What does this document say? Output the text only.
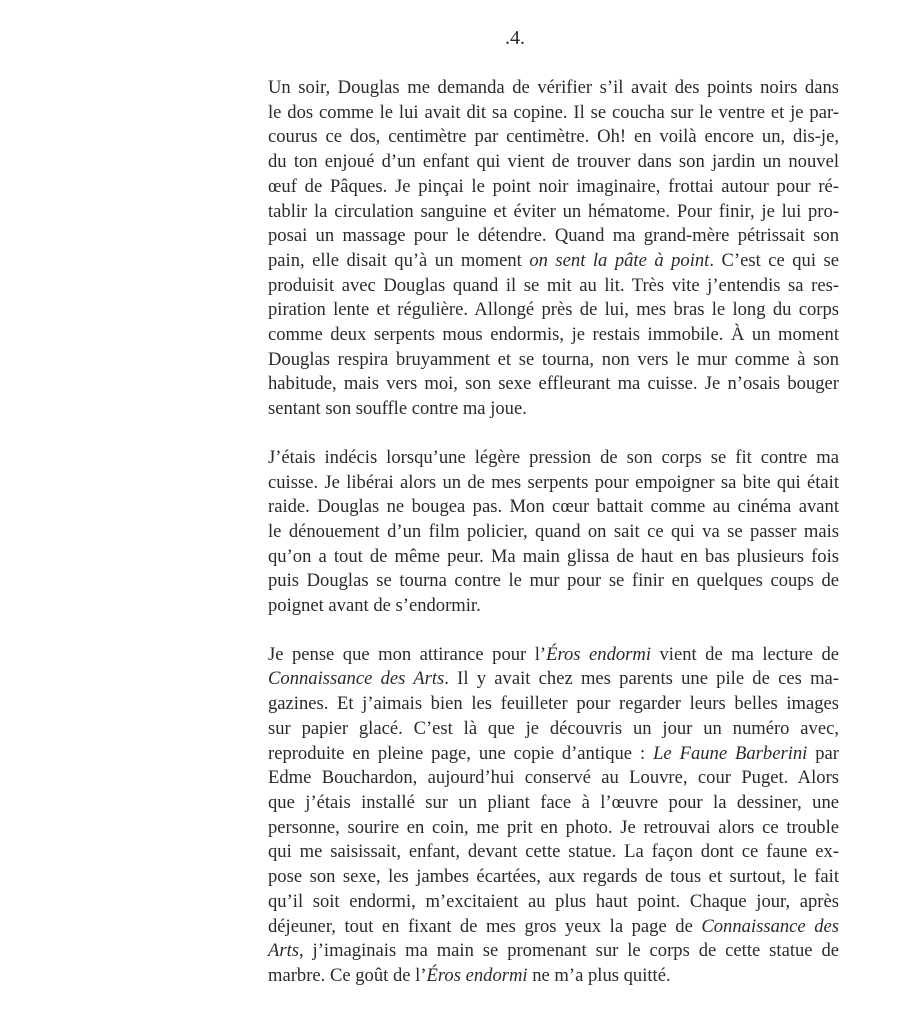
.4.

Un soir, Douglas me demanda de vérifier s’il avait des points noirs dans
le dos comme le lui avait dit sa copine. Il se coucha sur le ventre et je par-
courus ce dos, centimètre par centimètre. Oh! en voilà encore un, dis-je,
du ton enjoué d’un enfant qui vient de trouver dans son jardin un nouvel
œuf de Pâques. Je pinçai le point noir imaginaire, frottai autour pour ré-
tablir la circulation sanguine et éviter un hématome. Pour finir, je lui pro-
posai un massage pour le détendre. Quand ma grand-mère pétrissait son
pain, elle disait qu’à un moment on sent la pâte à point. C’est ce qui se
produisit avec Douglas quand il se mit au lit. Très vite j’entendis sa res-
piration lente et régulière. Allongé près de lui, mes bras le long du corps
comme deux serpents mous endormis, je restais immobile. À un moment
Douglas respira bruyamment et se tourna, non vers le mur comme à son
habitude, mais vers moi, son sexe effleurant ma cuisse. Je n’osais bouger
sentant son souffle contre ma joue.

J’étais indécis lorsqu’une légère pression de son corps se fit contre ma
cuisse. Je libérai alors un de mes serpents pour empoigner sa bite qui était
raide. Douglas ne bougea pas. Mon cœur battait comme au cinéma avant
le dénouement d’un film policier, quand on sait ce qui va se passer mais
qu’on a tout de même peur. Ma main glissa de haut en bas plusieurs fois
puis Douglas se tourna contre le mur pour se finir en quelques coups de
poignet avant de s’endormir.

Je pense que mon attirance pour l’Éros endormi vient de ma lecture de
Connaissance des Arts. Il y avait chez mes parents une pile de ces ma-
gazines. Et j’aimais bien les feuilleter pour regarder leurs belles images
sur papier glacé. C’est là que je découvris un jour un numéro avec,
reproduite en pleine page, une copie d’antique : Le Faune Barberini par
Edme Bouchardon, aujourd’hui conservé au Louvre, cour Puget. Alors
que j’étais installé sur un pliant face à l’œuvre pour la dessiner, une
personne, sourire en coin, me prit en photo. Je retrouvai alors ce trouble
qui me saisissait, enfant, devant cette statue. La façon dont ce faune ex-
pose son sexe, les jambes écartées, aux regards de tous et surtout, le fait
qu’il soit endormi, m’excitaient au plus haut point. Chaque jour, après
déjeuner, tout en fixant de mes gros yeux la page de Connaissance des
Arts, j’imaginais ma main se promenant sur le corps de cette statue de
marbre. Ce goût de l’Éros endormi ne m’a plus quitté.
